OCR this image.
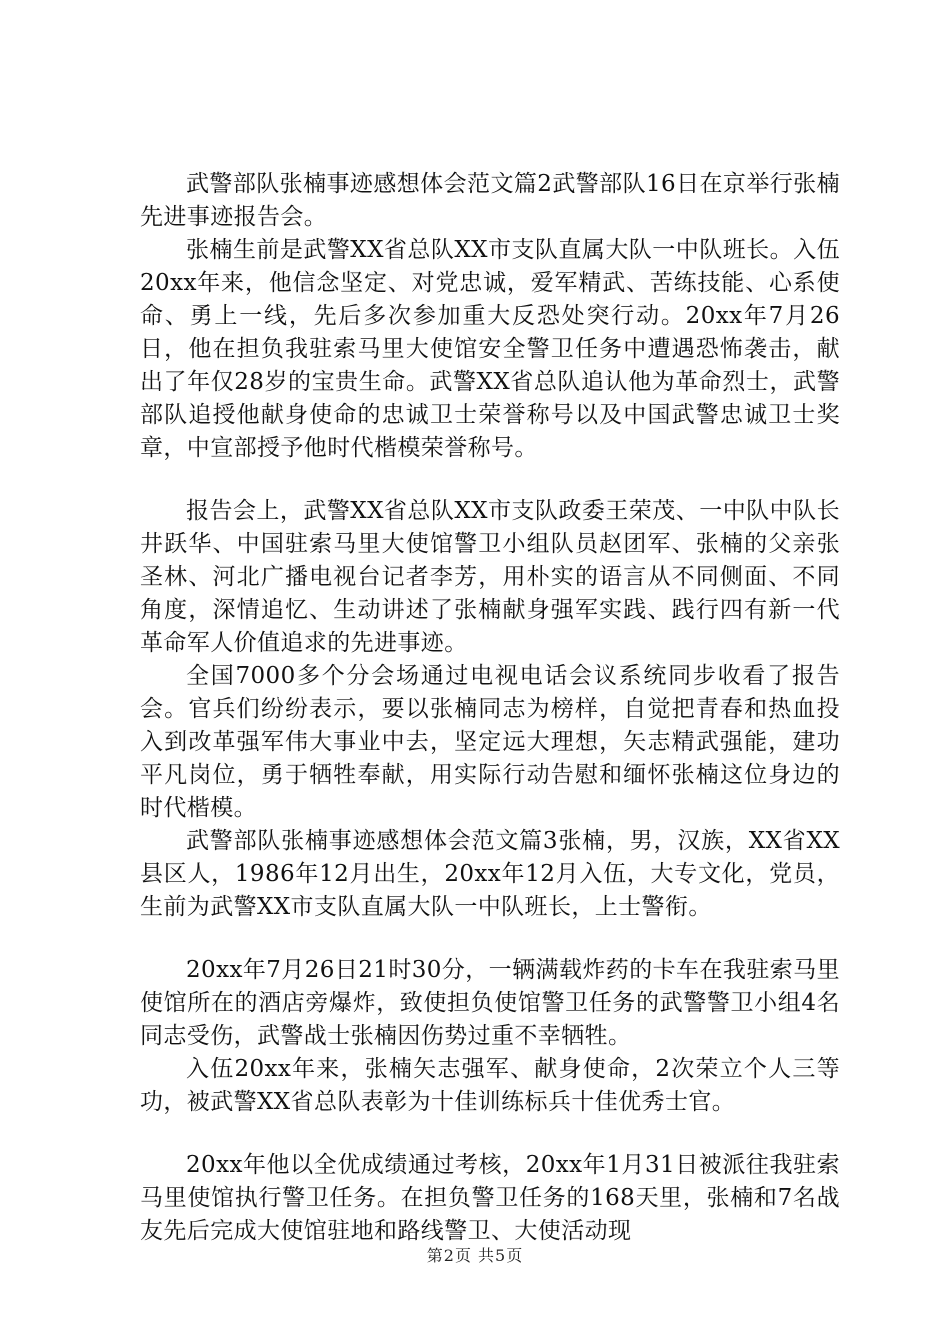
武警部队张楠事迹感想体会范文篇2武警部队16日在京举行张楠先进事迹报告会。

张楠生前是武警XX省总队XX市支队直属大队一中队班长。入伍20xx年来，他信念坚定、对党忠诚，爱军精武、苦练技能、心系使命、勇上一线，先后多次参加重大反恐处突行动。20xx年7月26日，他在担负我驻索马里大使馆安全警卫任务中遭遇恐怖袭击，献出了年仅28岁的宝贵生命。武警XX省总队追认他为革命烈士，武警部队追授他献身使命的忠诚卫士荣誉称号以及中国武警忠诚卫士奖章，中宣部授予他时代楷模荣誉称号。

报告会上，武警XX省总队XX市支队政委王荣茂、一中队中队长井跃华、中国驻索马里大使馆警卫小组队员赵团军、张楠的父亲张圣林、河北广播电视台记者李芳，用朴实的语言从不同侧面、不同角度，深情追忆、生动讲述了张楠献身强军实践、践行四有新一代革命军人价值追求的先进事迹。

全国7000多个分会场通过电视电话会议系统同步收看了报告会。官兵们纷纷表示，要以张楠同志为榜样，自觉把青春和热血投入到改革强军伟大事业中去，坚定远大理想，矢志精武强能，建功平凡岗位，勇于牺牲奉献，用实际行动告慰和缅怀张楠这位身边的时代楷模。

武警部队张楠事迹感想体会范文篇3张楠，男，汉族，XX省XX县区人，1986年12月出生，20xx年12月入伍，大专文化，党员，生前为武警XX市支队直属大队一中队班长，上士警衔。

20xx年7月26日21时30分，一辆满载炸药的卡车在我驻索马里使馆所在的酒店旁爆炸，致使担负使馆警卫任务的武警警卫小组4名同志受伤，武警战士张楠因伤势过重不幸牺牲。

入伍20xx年来，张楠矢志强军、献身使命，2次荣立个人三等功，被武警XX省总队表彰为十佳训练标兵十佳优秀士官。

20xx年他以全优成绩通过考核，20xx年1月31日被派往我驻索马里使馆执行警卫任务。在担负警卫任务的168天里，张楠和7名战友先后完成大使馆驻地和路线警卫、大使活动现

第2页 共5页
